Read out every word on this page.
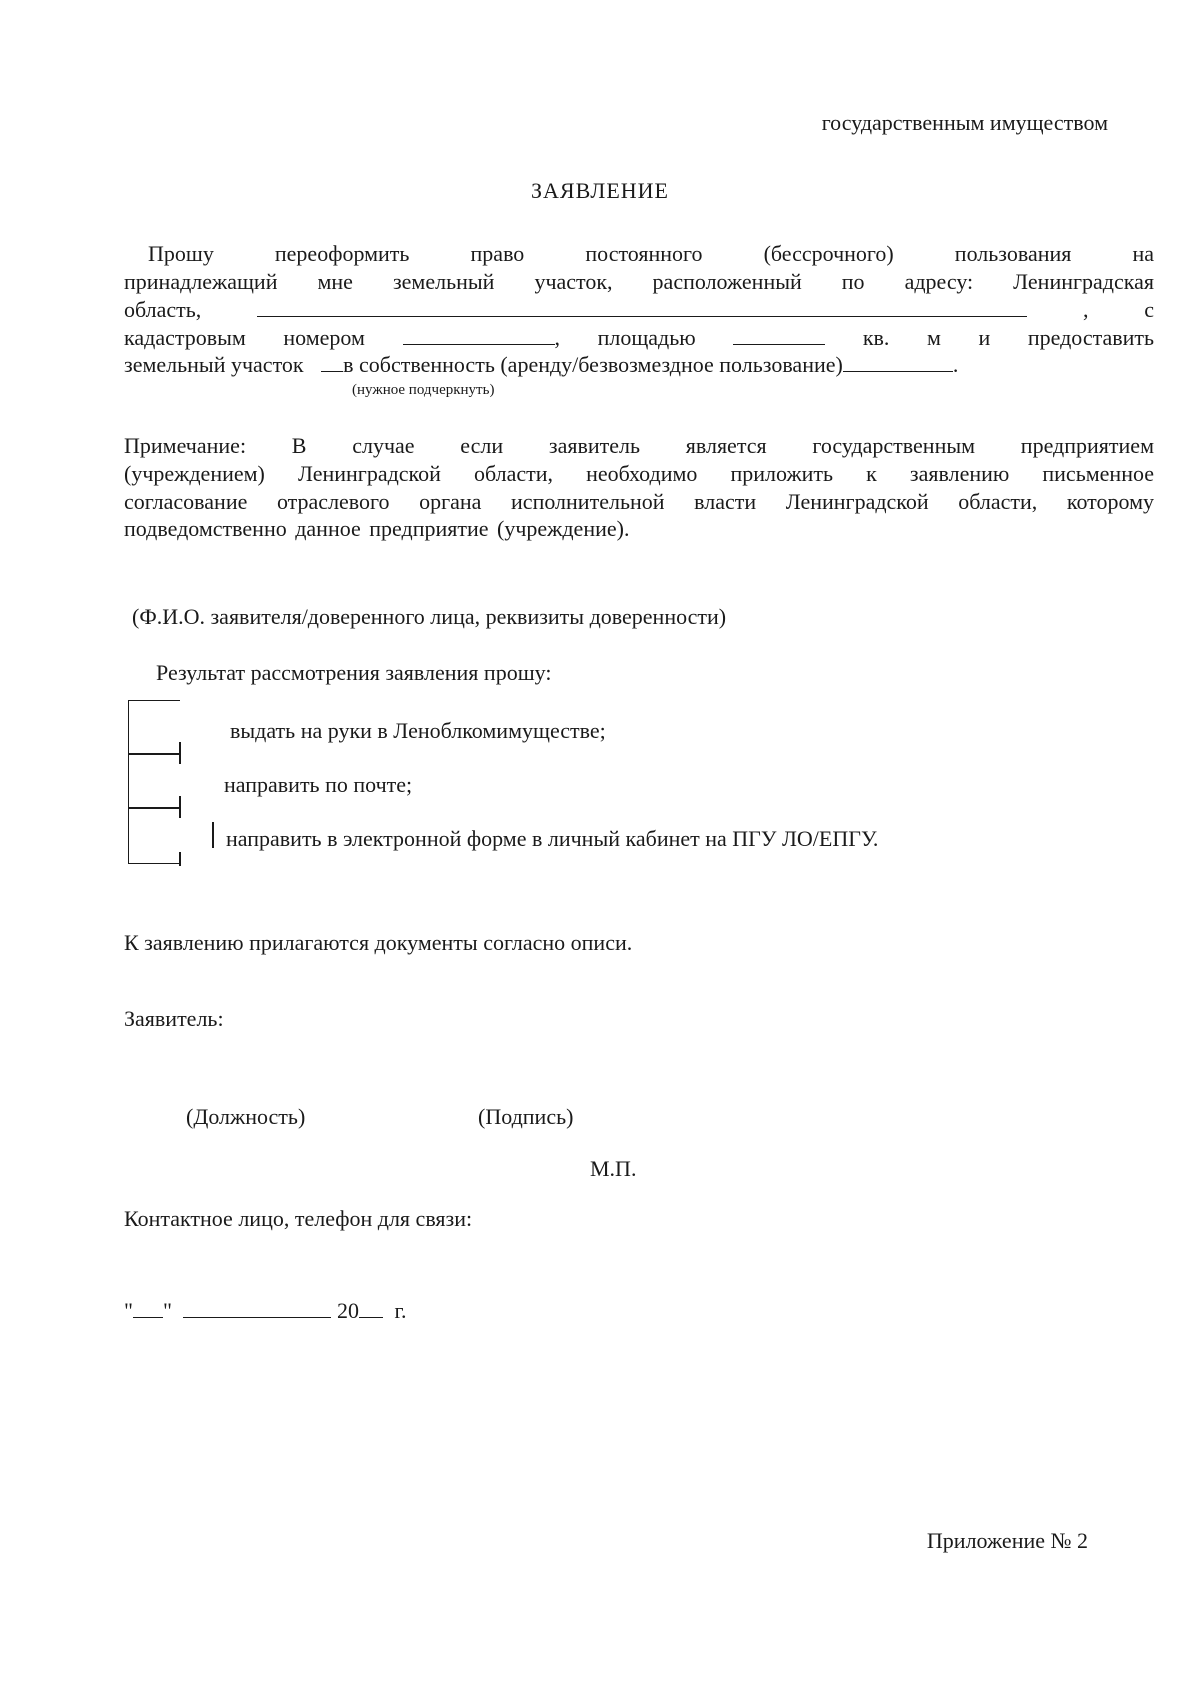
государственным имуществом
ЗАЯВЛЕНИЕ
Прошу	переоформить	право	постоянного	(бессрочного)	пользования	на
принадлежащий мне земельный участок, расположенный по адресу: Ленинградская
область,	, с
кадастровым номером	, площадью	кв. м и предоставить
земельный участок в собственность (аренду/безвозмездное пользование)	.
(нужное подчеркнуть)
Примечание: В случае если заявитель является государственным предприятием
(учреждением) Ленинградской области, необходимо приложить к заявлению письменное
согласование отраслевого органа исполнительной власти Ленинградской области, которому
подведомственно данное предприятие (учреждение).
(Ф.И.О. заявителя/доверенного лица, реквизиты доверенности)
Результат рассмотрения заявления прошу:
выдать на руки в Леноблкомимуществе;
направить по почте;
направить в электронной форме в личный кабинет на ПГУ ЛО/ЕПГУ.
К заявлению прилагаются документы согласно описи.
Заявитель:
(Должность)	(Подпись)
М.П.
Контактное лицо, телефон для связи:
" "	20 г.
Приложение № 2
